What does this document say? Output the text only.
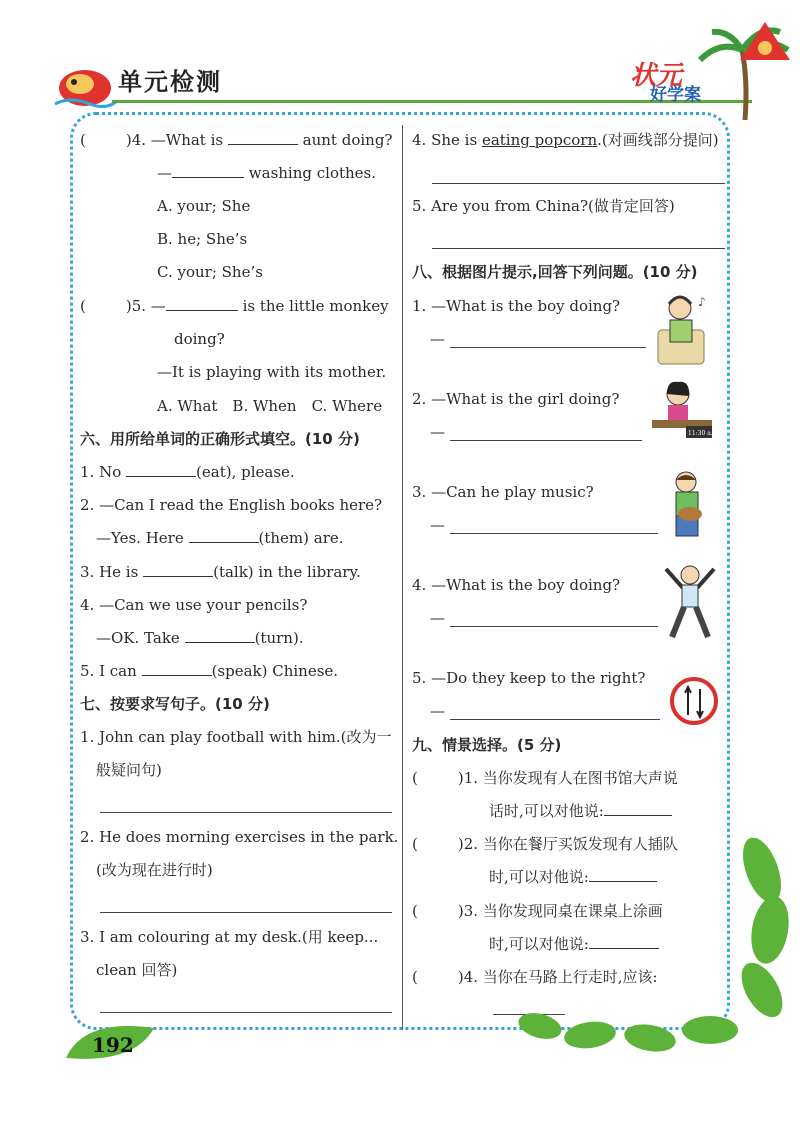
单元检测	状元
好学案
(	)4. —What is	aunt doing?
—	washing clothes.
A. your; She
B. he; She’s
C. your; She’s
(	)5. —	is the little monkey
doing?
—It is playing with its mother.
A. What　B. When　C. Where
六、用所给单词的正确形式填空。(10 分)
1. No	(eat), please.
2. —Can I read the English books here?
—Yes. Here	(them) are.
3. He is	(talk) in the library.
4. —Can we use your pencils?
—OK. Take	(turn).
5. I can	(speak) Chinese.
七、按要求写句子。(10 分)
1. John can play football with him.(改为一
般疑问句)
2. He does morning exercises in the park.
(改为现在进行时)
3. I am colouring at my desk.(用 keep...
clean 回答)
4. She is eating popcorn.(对画线部分提问)
5. Are you from China?(做肯定回答)
八、根据图片提示,回答下列问题。(10 分)
1. —What is the boy doing?
—
♪
2. —What is the girl doing?
—	11:30 a.m.
3. —Can he play music?
—
4. —What is the boy doing?
—
5. —Do they keep to the right?
—
九、情景选择。(5 分)
(	)1. 当你发现有人在图书馆大声说
话时,可以对他说:
(	)2. 当你在餐厅买饭发现有人插队
时,可以对他说:
(	)3. 当你发现同桌在课桌上涂画
时,可以对他说:
(	)4. 当你在马路上行走时,应该:
192
